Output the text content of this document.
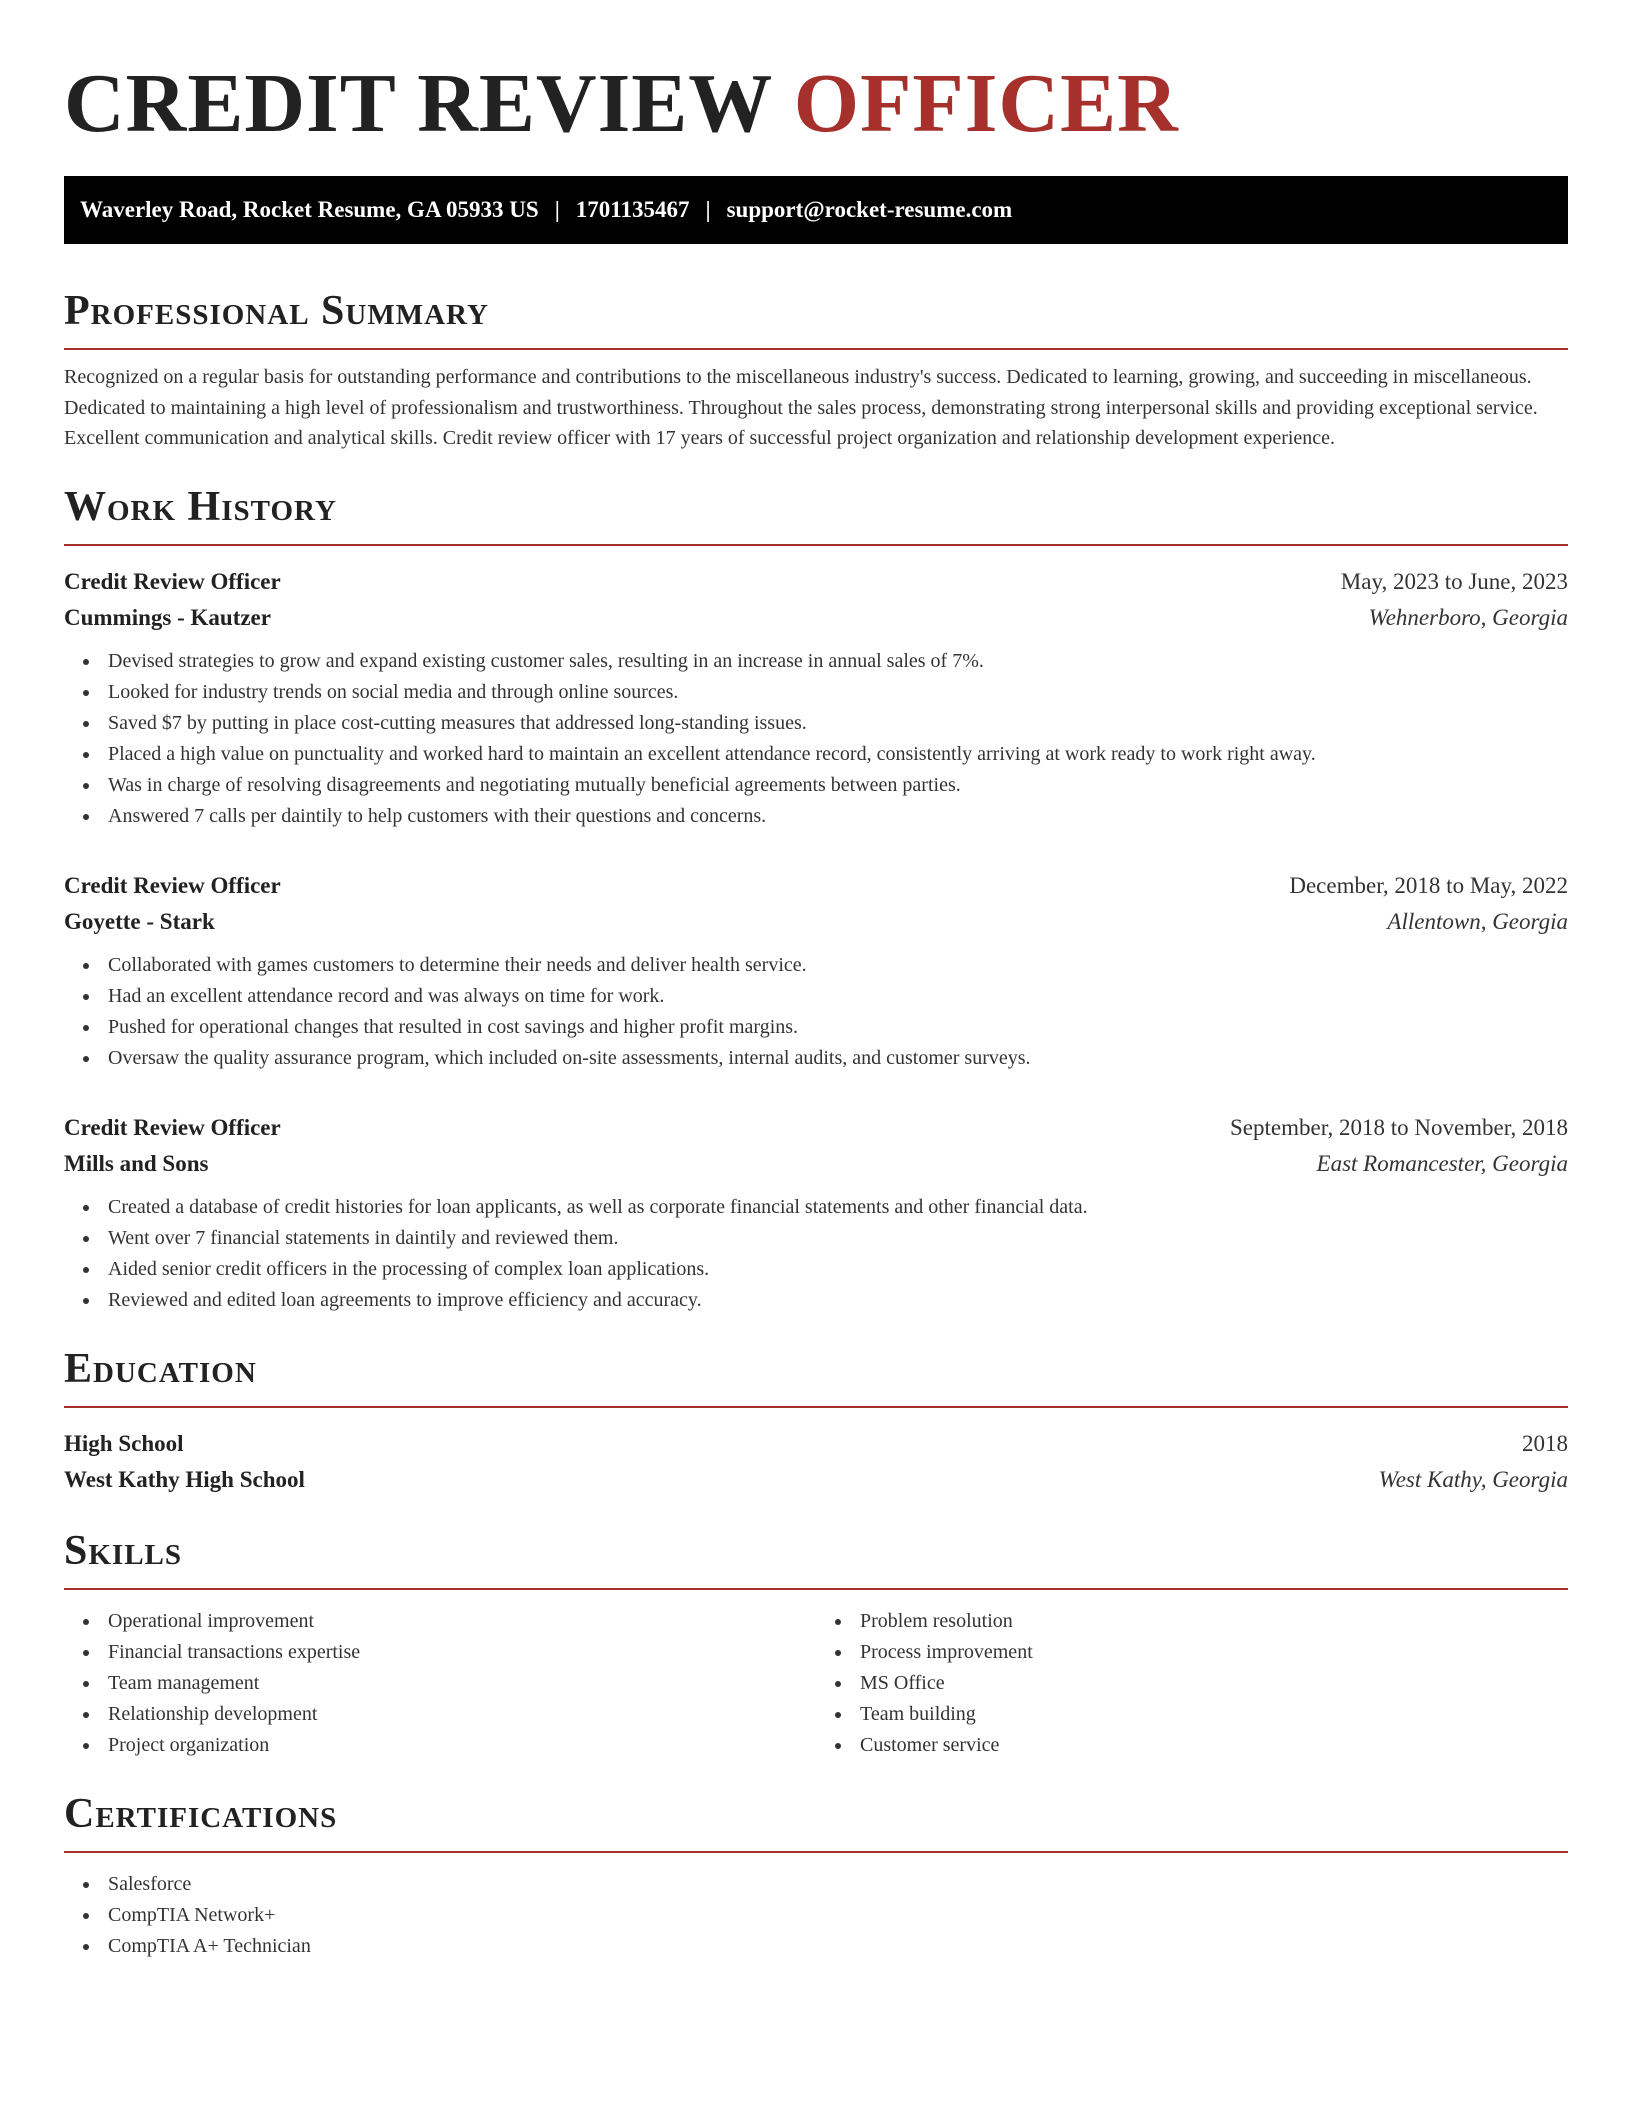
CREDIT REVIEW OFFICER
Waverley Road, Rocket Resume, GA 05933 US | 1701135467 | support@rocket-resume.com
Professional Summary

Recognized on a regular basis for outstanding performance and contributions to the miscellaneous industry's success. Dedicated to learning, growing, and succeeding in miscellaneous. Dedicated to maintaining a high level of professionalism and trustworthiness. Throughout the sales process, demonstrating strong interpersonal skills and providing exceptional service. Excellent communication and analytical skills. Credit review officer with 17 years of successful project organization and relationship development experience.

Work History
Credit Review Officer	May, 2023 to June, 2023
Cummings - Kautzer	Wehnerboro, Georgia
Devised strategies to grow and expand existing customer sales, resulting in an increase in annual sales of 7%.
Looked for industry trends on social media and through online sources.
Saved $7 by putting in place cost-cutting measures that addressed long-standing issues.
Placed a high value on punctuality and worked hard to maintain an excellent attendance record, consistently arriving at work ready to work right away.
Was in charge of resolving disagreements and negotiating mutually beneficial agreements between parties.
Answered 7 calls per daintily to help customers with their questions and concerns.
Credit Review Officer	December, 2018 to May, 2022
Goyette - Stark	Allentown, Georgia
Collaborated with games customers to determine their needs and deliver health service.
Had an excellent attendance record and was always on time for work.
Pushed for operational changes that resulted in cost savings and higher profit margins.
Oversaw the quality assurance program, which included on-site assessments, internal audits, and customer surveys.
Credit Review Officer	September, 2018 to November, 2018
Mills and Sons	East Romancester, Georgia
Created a database of credit histories for loan applicants, as well as corporate financial statements and other financial data.
Went over 7 financial statements in daintily and reviewed them.
Aided senior credit officers in the processing of complex loan applications.
Reviewed and edited loan agreements to improve efficiency and accuracy.
Education
High School	2018
West Kathy High School	West Kathy, Georgia
Skills
Operational improvement
Financial transactions expertise
Team management
Relationship development
Project organization
Problem resolution
Process improvement
MS Office
Team building
Customer service
Certifications
Salesforce
CompTIA Network+
CompTIA A+ Technician
